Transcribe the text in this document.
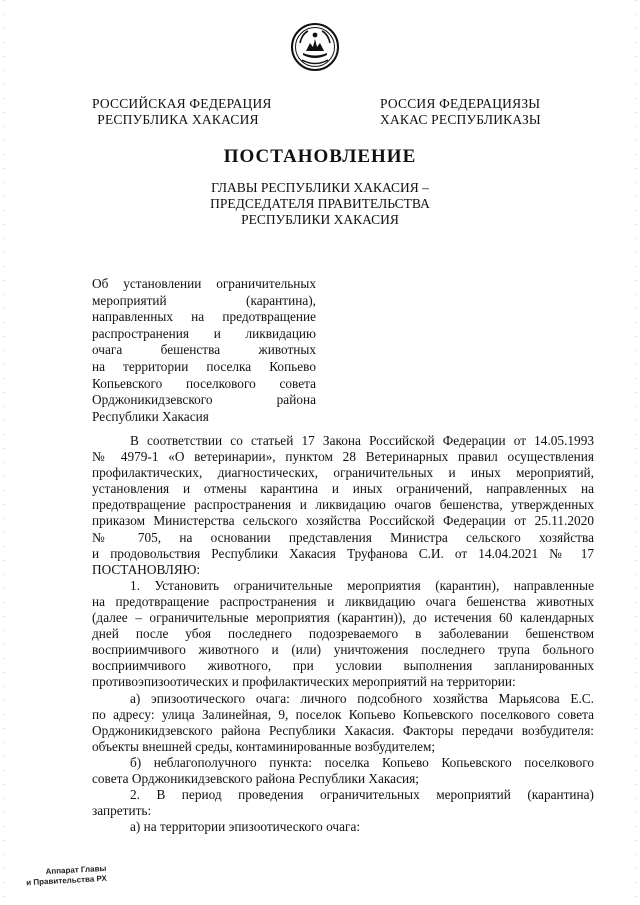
РОССИЙСКАЯ ФЕДЕРАЦИЯ
РЕСПУБЛИКА ХАКАСИЯ
РОССИЯ ФЕДЕРАЦИЯЗЫ
ХАКАС РЕСПУБЛИКАЗЫ
ПОСТАНОВЛЕНИЕ
ГЛАВЫ РЕСПУБЛИКИ ХАКАСИЯ –
ПРЕДСЕДАТЕЛЯ ПРАВИТЕЛЬСТВА
РЕСПУБЛИКИ ХАКАСИЯ
Об установлении ограничительных
мероприятий (карантина),
направленных на предотвращение
распространения и ликвидацию
очага бешенства животных
на территории поселка Копьево
Копьевского поселкового совета
Орджоникидзевского района
Республики Хакасия
В соответствии со статьей 17 Закона Российской Федерации от 14.05.1993
№ 4979-1 «О ветеринарии», пунктом 28 Ветеринарных правил осуществления
профилактических, диагностических, ограничительных и иных мероприятий,
установления и отмены карантина и иных ограничений, направленных на
предотвращение распространения и ликвидацию очагов бешенства, утвержденных
приказом Министерства сельского хозяйства Российской Федерации от 25.11.2020
№ 705, на основании представления Министра сельского хозяйства
и продовольствия Республики Хакасия Труфанова С.И. от 14.04.2021 № 17
ПОСТАНОВЛЯЮ:
1. Установить ограничительные мероприятия (карантин), направленные
на предотвращение распространения и ликвидацию очага бешенства животных
(далее – ограничительные мероприятия (карантин)), до истечения 60 календарных
дней после убоя последнего подозреваемого в заболевании бешенством
восприимчивого животного и (или) уничтожения последнего трупа больного
восприимчивого животного, при условии выполнения запланированных
противоэпизоотических и профилактических мероприятий на территории:
а) эпизоотического очага: личного подсобного хозяйства Марьясова Е.С.
по адресу: улица Залинейная, 9, поселок Копьево Копьевского поселкового совета
Орджоникидзевского района Республики Хакасия. Факторы передачи возбудителя:
объекты внешней среды, контаминированные возбудителем;
б) неблагополучного пункта: поселка Копьево Копьевского поселкового
совета Орджоникидзевского района Республики Хакасия;
2. В период проведения ограничительных мероприятий (карантина)
запретить:
а) на территории эпизоотического очага:
Аппарат Главы
и Правительства РХ
